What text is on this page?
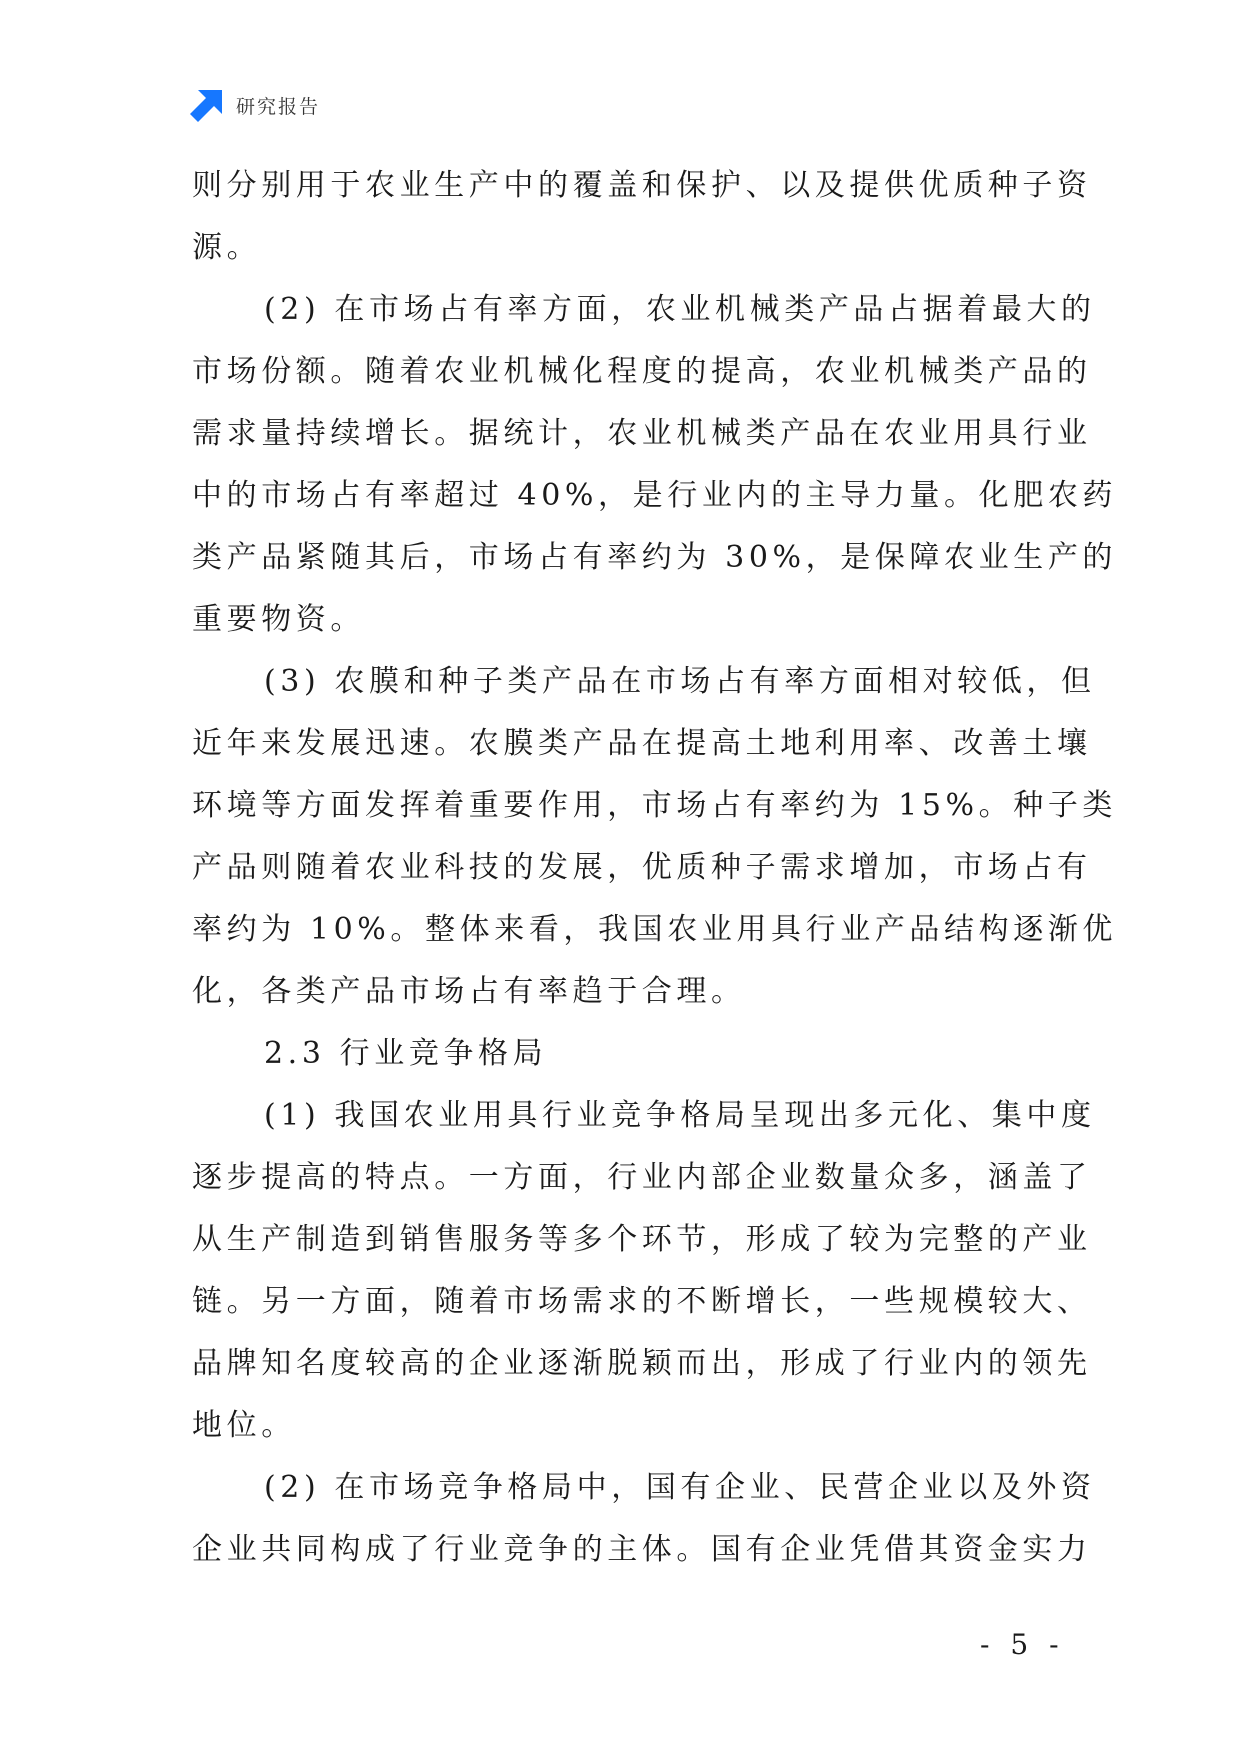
研究报告
则分别用于农业生产中的覆盖和保护、以及提供优质种子资
源。
(2) 在市场占有率方面，农业机械类产品占据着最大的
市场份额。随着农业机械化程度的提高，农业机械类产品的
需求量持续增长。据统计，农业机械类产品在农业用具行业
中的市场占有率超过 40%，是行业内的主导力量。化肥农药
类产品紧随其后，市场占有率约为 30%，是保障农业生产的
重要物资。
(3) 农膜和种子类产品在市场占有率方面相对较低，但
近年来发展迅速。农膜类产品在提高土地利用率、改善土壤
环境等方面发挥着重要作用，市场占有率约为 15%。种子类
产品则随着农业科技的发展，优质种子需求增加，市场占有
率约为 10%。整体来看，我国农业用具行业产品结构逐渐优
化，各类产品市场占有率趋于合理。
2.3 行业竞争格局
(1) 我国农业用具行业竞争格局呈现出多元化、集中度
逐步提高的特点。一方面，行业内部企业数量众多，涵盖了
从生产制造到销售服务等多个环节，形成了较为完整的产业
链。另一方面，随着市场需求的不断增长，一些规模较大、
品牌知名度较高的企业逐渐脱颖而出，形成了行业内的领先
地位。
(2) 在市场竞争格局中，国有企业、民营企业以及外资
企业共同构成了行业竞争的主体。国有企业凭借其资金实力
- 5 -
